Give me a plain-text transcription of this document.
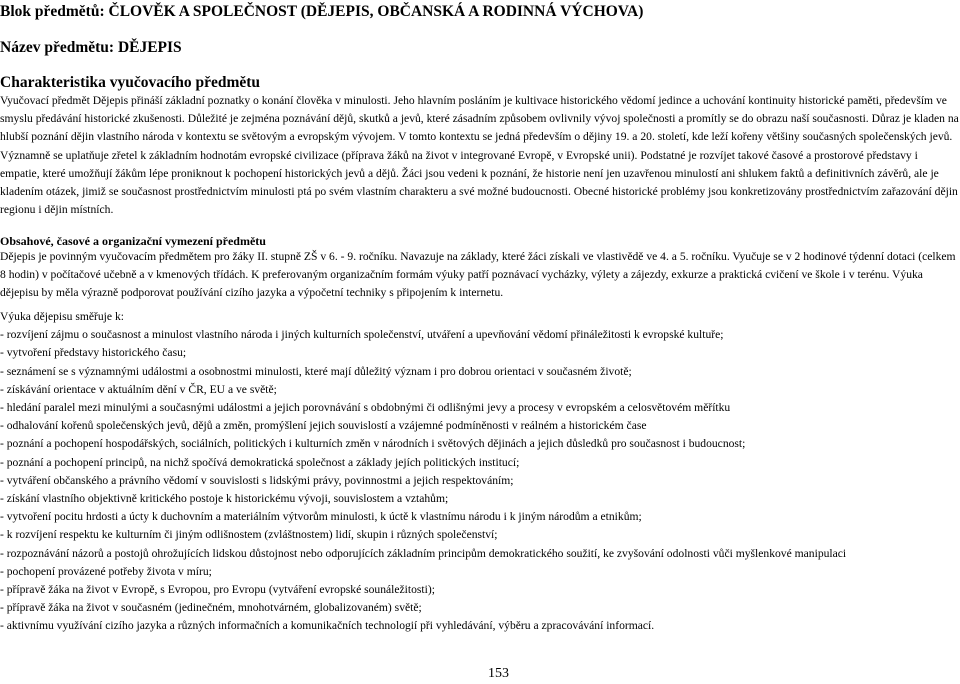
Blok předmětů: ČLOVĚK A SPOLEČNOST (DĚJEPIS, OBČANSKÁ A RODINNÁ VÝCHOVA)
Název předmětu: DĚJEPIS
Charakteristika vyučovacího předmětu
Vyučovací předmět Dějepis přináší základní poznatky o konání člověka v minulosti. Jeho hlavním posláním je kultivace historického vědomí jedince a uchování kontinuity historické paměti, především ve smyslu předávání historické zkušenosti. Důležité je zejména poznávání dějů, skutků a jevů, které zásadním způsobem ovlivnily vývoj společnosti a promítly se do obrazu naší současnosti. Důraz je kladen na hlubší poznání dějin vlastního národa v kontextu se světovým a evropským vývojem. V tomto kontextu se jedná především o dějiny 19. a 20. století, kde leží kořeny většiny současných společenských jevů. Významně se uplatňuje zřetel k základním hodnotám evropské civilizace (příprava žáků na život v integrované Evropě, v Evropské unii). Podstatné je rozvíjet takové časové a prostorové představy i empatie, které umožňují žákům lépe proniknout k pochopení historických jevů a dějů. Žáci jsou vedeni k poznání, že historie není jen uzavřenou minulostí ani shlukem faktů a definitivních závěrů, ale je kladením otázek, jimiž se současnost prostřednictvím minulosti ptá po svém vlastním charakteru a své možné budoucnosti. Obecné historické problémy jsou konkretizovány prostřednictvím zařazování dějin regionu i dějin místních.
Obsahové, časové a organizační vymezení předmětu
Dějepis je povinným vyučovacím předmětem pro žáky II. stupně ZŠ v 6. - 9. ročníku. Navazuje na základy, které žáci získali ve vlastivědě ve 4. a 5. ročníku. Vyučuje se v 2 hodinové týdenní dotaci (celkem 8 hodin) v počítačové učebně a v kmenových třídách. K preferovaným organizačním formám výuky patří poznávací vycházky, výlety a zájezdy, exkurze a praktická cvičení ve škole i v terénu. Výuka dějepisu by měla výrazně podporovat používání cizího jazyka a výpočetní techniky s připojením k internetu.
Výuka dějepisu směřuje k:
- rozvíjení zájmu o současnost a minulost vlastního národa i jiných kulturních společenství, utváření a upevňování vědomí přináležitosti k evropské kultuře;
- vytvoření představy historického času;
- seznámení se s významnými událostmi a osobnostmi minulosti, které mají důležitý význam i pro dobrou orientaci v současném životě;
- získávání orientace v aktuálním dění v ČR, EU a ve světě;
- hledání paralel mezi minulými a současnými událostmi a jejich porovnávání s obdobnými či odlišnými jevy a procesy v evropském a celosvětovém měřítku
- odhalování kořenů společenských jevů, dějů a změn, promýšlení jejich souvislostí a vzájemné podmíněnosti v reálném a historickém čase
- poznání a pochopení hospodářských, sociálních, politických i kulturních změn v národních i světových dějinách a jejich důsledků pro současnost i budoucnost;
- poznání a pochopení principů, na nichž spočívá demokratická společnost a základy jejích politických institucí;
- vytváření občanského a právního vědomí v souvislosti s lidskými právy, povinnostmi a jejich respektováním;
- získání vlastního objektivně kritického postoje k historickému vývoji, souvislostem a vztahům;
- vytvoření pocitu hrdosti a úcty k duchovním a materiálním výtvorům minulosti, k úctě k vlastnímu národu i k jiným národům a etnikům;
- k rozvíjení respektu ke kulturním či jiným odlišnostem (zvláštnostem) lidí, skupin i různých společenství;
- rozpoznávání názorů a postojů ohrožujících lidskou důstojnost nebo odporujících základním principům demokratického soužití, ke zvyšování odolnosti vůči myšlenkové manipulaci
- pochopení provázené potřeby života v míru;
- přípravě žáka na život v Evropě, s Evropou, pro Evropu (vytváření evropské sounáležitosti);
- přípravě žáka na život v současném (jedinečném, mnohotvárném, globalizovaném) světě;
- aktivnímu využívání cizího jazyka a různých informačních a komunikačních technologií při vyhledávání, výběru a zpracovávání informací.
153
